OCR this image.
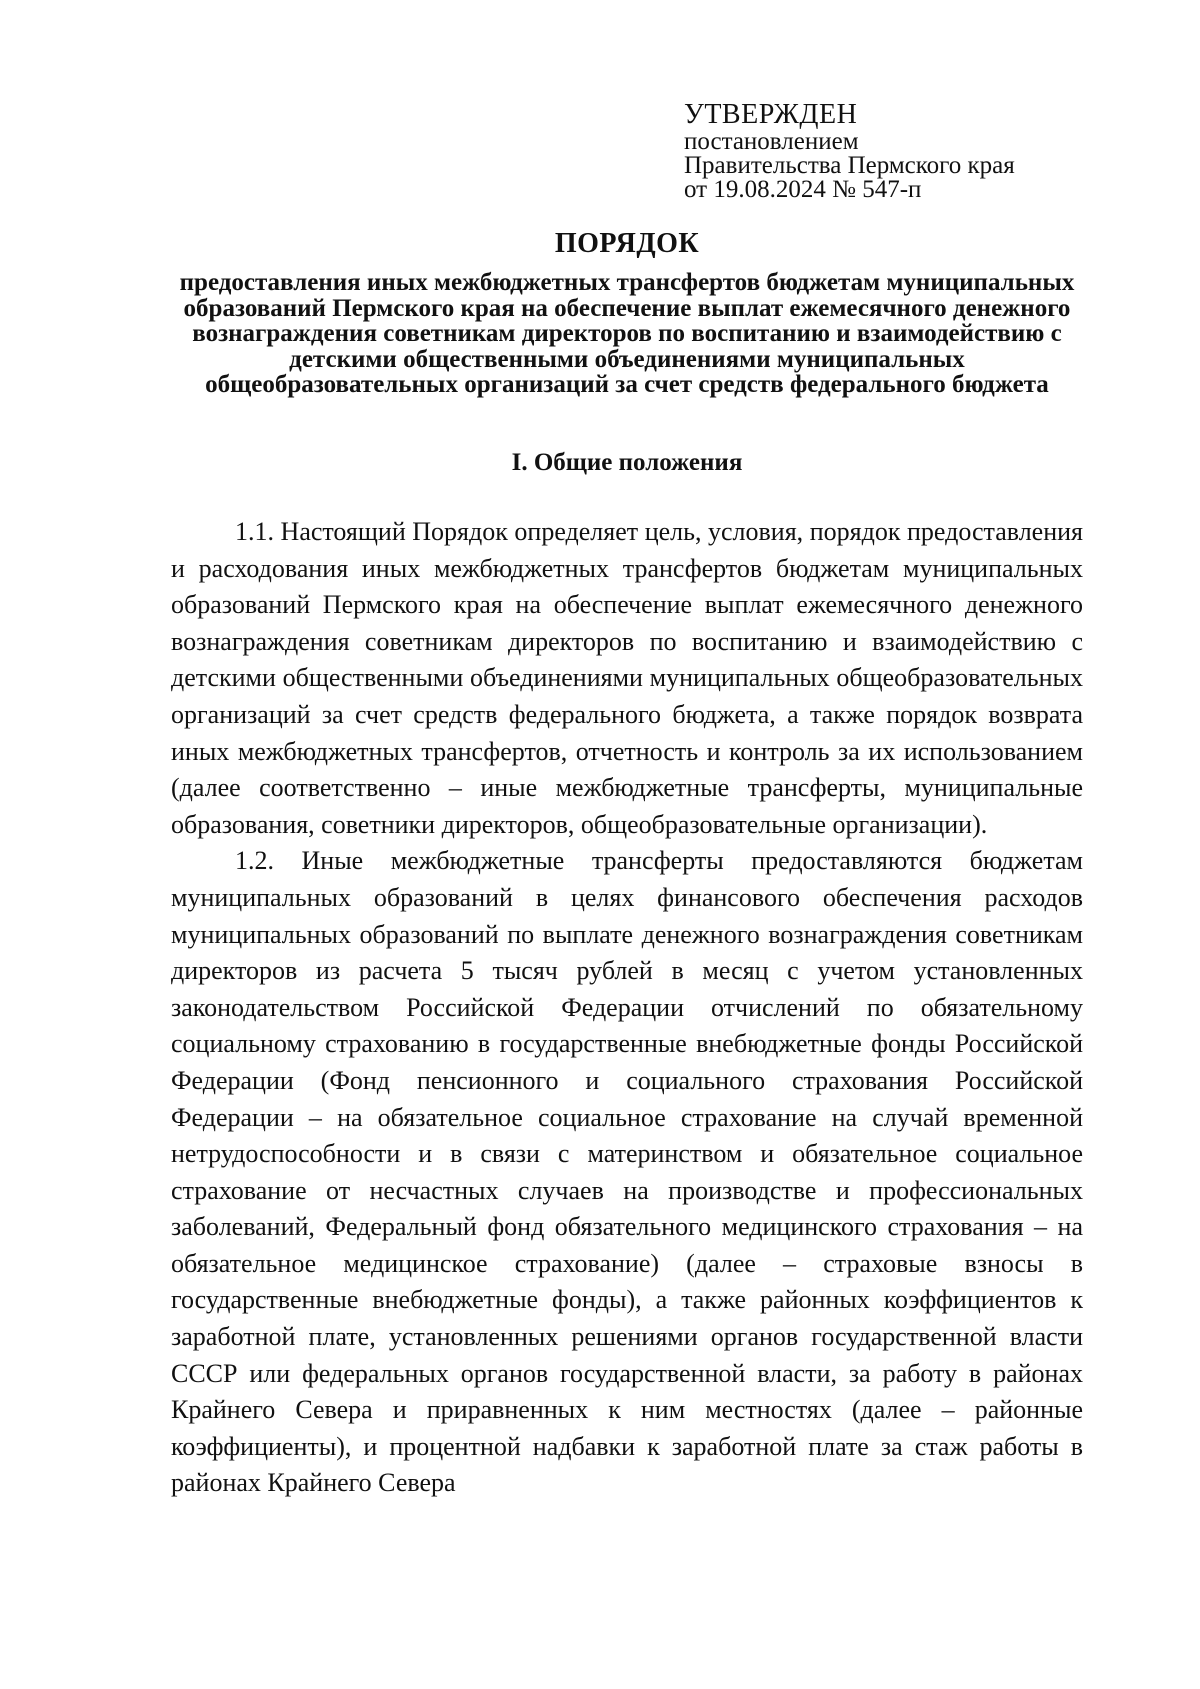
УТВЕРЖДЕН
постановлением
Правительства Пермского края
от 19.08.2024 № 547-п
ПОРЯДОК
предоставления иных межбюджетных трансфертов бюджетам муниципальных образований Пермского края на обеспечение выплат ежемесячного денежного вознаграждения советникам директоров по воспитанию и взаимодействию с детскими общественными объединениями муниципальных общеобразовательных организаций за счет средств федерального бюджета
I. Общие положения

1.1. Настоящий Порядок определяет цель, условия, порядок предоставления и расходования иных межбюджетных трансфертов бюджетам муниципальных образований Пермского края на обеспечение выплат ежемесячного денежного вознаграждения советникам директоров по воспитанию и взаимодействию с детскими общественными объединениями муниципальных общеобразовательных организаций за счет средств федерального бюджета, а также порядок возврата иных межбюджетных трансфертов, отчетность и контроль за их использованием (далее соответственно – иные межбюджетные трансферты, муниципальные образования, советники директоров, общеобразовательные организации).

1.2. Иные межбюджетные трансферты предоставляются бюджетам муниципальных образований в целях финансового обеспечения расходов муниципальных образований по выплате денежного вознаграждения советникам директоров из расчета 5 тысяч рублей в месяц с учетом установленных законодательством Российской Федерации отчислений по обязательному социальному страхованию в государственные внебюджетные фонды Российской Федерации (Фонд пенсионного и социального страхования Российской Федерации – на обязательное социальное страхование на случай временной нетрудоспособности и в связи с материнством и обязательное социальное страхование от несчастных случаев на производстве и профессиональных заболеваний, Федеральный фонд обязательного медицинского страхования – на обязательное медицинское страхование) (далее – страховые взносы в государственные внебюджетные фонды), а также районных коэффициентов к заработной плате, установленных решениями органов государственной власти СССР или федеральных органов государственной власти, за работу в районах Крайнего Севера и приравненных к ним местностях (далее – районные коэффициенты), и процентной надбавки к заработной плате за стаж работы в районах Крайнего Севера
